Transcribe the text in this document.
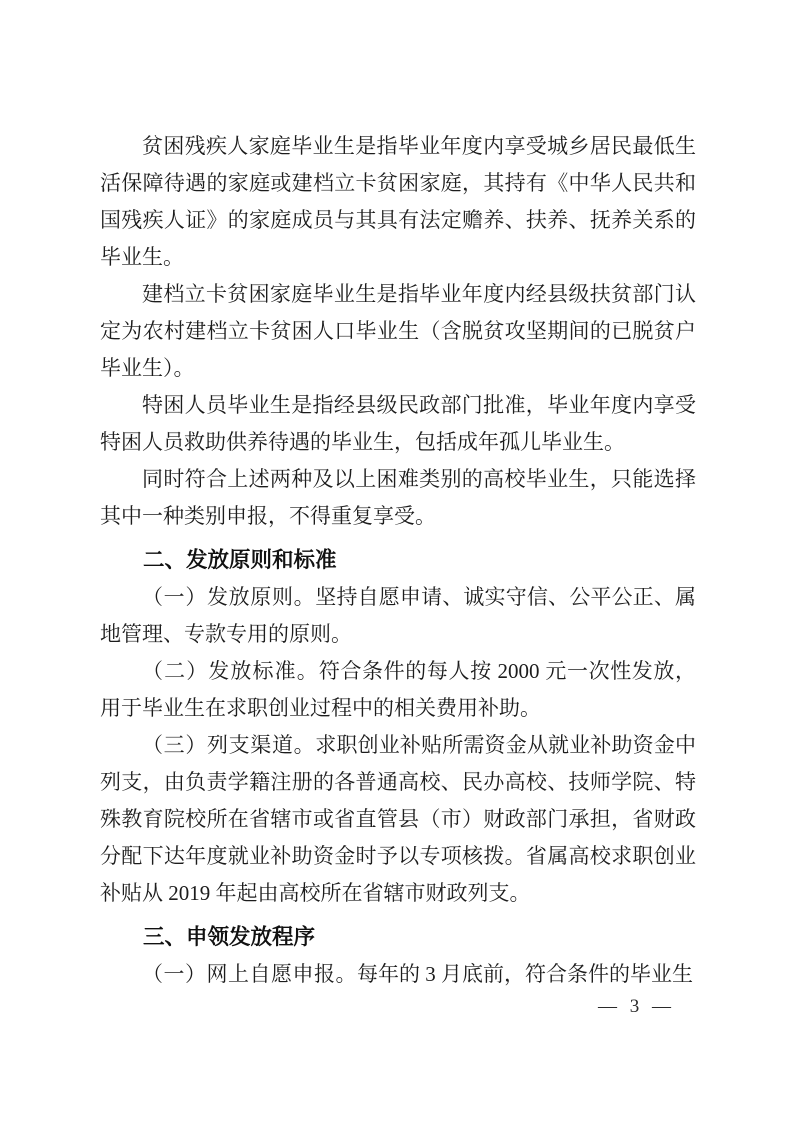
贫困残疾人家庭毕业生是指毕业年度内享受城乡居民最低生活保障待遇的家庭或建档立卡贫困家庭，其持有《中华人民共和国残疾人证》的家庭成员与其具有法定赡养、扶养、抚养关系的毕业生。

建档立卡贫困家庭毕业生是指毕业年度内经县级扶贫部门认定为农村建档立卡贫困人口毕业生（含脱贫攻坚期间的已脱贫户毕业生）。

特困人员毕业生是指经县级民政部门批准，毕业年度内享受特困人员救助供养待遇的毕业生，包括成年孤儿毕业生。

同时符合上述两种及以上困难类别的高校毕业生，只能选择其中一种类别申报，不得重复享受。

二、发放原则和标准

（一）发放原则。坚持自愿申请、诚实守信、公平公正、属地管理、专款专用的原则。

（二）发放标准。符合条件的每人按 2000 元一次性发放，用于毕业生在求职创业过程中的相关费用补助。

（三）列支渠道。求职创业补贴所需资金从就业补助资金中列支，由负责学籍注册的各普通高校、民办高校、技师学院、特殊教育院校所在省辖市或省直管县（市）财政部门承担，省财政分配下达年度就业补助资金时予以专项核拨。省属高校求职创业补贴从 2019 年起由高校所在省辖市财政列支。

三、申领发放程序

（一）网上自愿申报。每年的 3 月底前，符合条件的毕业生

— 3 —
